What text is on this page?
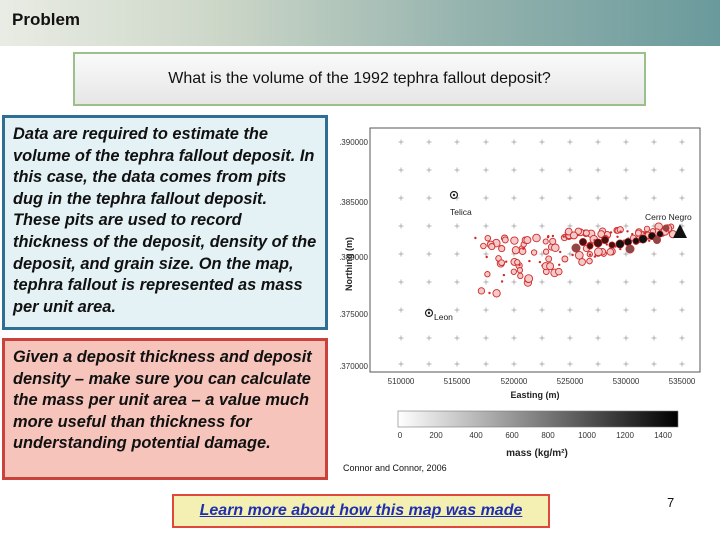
Problem
What is the volume of the 1992 tephra fallout deposit?
Data are required to estimate the volume of the tephra fallout deposit. In this case, the data comes from pits dug in the tephra fallout deposit. These pits are used to record thickness of the deposit, density of the deposit, and grain size. On the map, tephra fallout is represented as mass per unit area.
Given a deposit thickness and deposit density – make sure you can calculate the mass per unit area – a value much more useful than thickness for understanding potential damage.
390000
385000
380000
375000
370000
510000	515000	520000	525000	530000	535000
Northing (m)
Easting (m)
Telica
Leon
Cerro Negro
0	200	400	600	800	1000	1200	1400
mass (kg/m²)
Connor and Connor, 2006
Learn more about how this map was made	7
